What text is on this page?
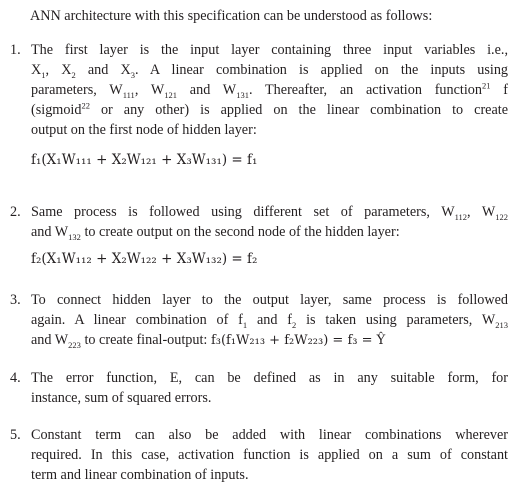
ANN architecture with this specification can be understood as follows:

1. The first layer is the input layer containing three input variables i.e.,
$X_1$, $X_2$ and $X_3$. A linear combination is applied on the inputs using
parameters, $W_{111}$, $W_{121}$ and $W_{131}$. Thereafter, an activation function$^{21}$ f
(sigmoid$^{22}$ or any other) is applied on the linear combination to create
output on the first node of hidden layer:
f₁(X₁W₁₁₁ + X₂W₁₂₁ + X₃W₁₃₁) = f₁
2. Same process is followed using different set of parameters, $W_{112}$, $W_{122}$
and $W_{132}$ to create output on the second node of the hidden layer:
f₂(X₁W₁₁₂ + X₂W₁₂₂ + X₃W₁₃₂) = f₂
3. To connect hidden layer to the output layer, same process is followed
again. A linear combination of $f_1$ and $f_2$ is taken using parameters, $W_{213}$
and $W_{223}$ to create final-output: f₃(f₁W₂₁₃ + f₂W₂₂₃) = f₃ = Ŷ
4. The error function, E, can be defined as in any suitable form, for
instance, sum of squared errors.
5. Constant term can also be added with linear combinations wherever
required. In this case, activation function is applied on a sum of constant
term and linear combination of inputs.
